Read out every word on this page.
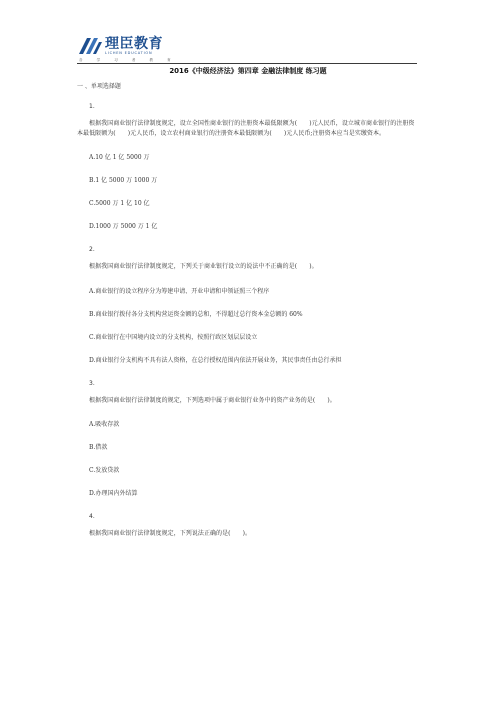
理臣教育
LICHEN EDUCATION
各 学 习 者 教 育
2016《中级经济法》第四章 金融法律制度 练习题
一 、单项选择题
1.
根据我国商业银行法律制度规定，设立全国性商业银行的注册资本最低限额为(　　)元人民币，设立城市商业银行的注册资本最低限额为(　　)元人民币，设立农村商业银行的注册资本最低限额为(　　)元人民币;注册资本应当是实缴资本。
A.10 亿 1 亿 5000 万
B.1 亿 5000 万 1000 万
C.5000 万 1 亿 10 亿
D.1000 万 5000 万 1 亿
2.
根据我国商业银行法律制度规定，下列关于商业银行设立的说法中不正确的是(　　)。
A.商业银行的设立程序分为筹建申请、开业申请和申领证照三个程序
B.商业银行拨付各分支机构营运资金额的总和，不得超过总行资本金总额的 60%
C.商业银行在中国境内设立的分支机构，按照行政区划层层设立
D.商业银行分支机构不具有法人资格，在总行授权范围内依法开展业务，其民事责任由总行承担
3.
根据我国商业银行法律制度的规定，下列选项中属于商业银行业务中的资产业务的是(　　)。
A.吸收存款
B.借款
C.发放贷款
D.办理国内外结算
4.
根据我国商业银行法律制度规定，下列说法正确的是(　　)。
